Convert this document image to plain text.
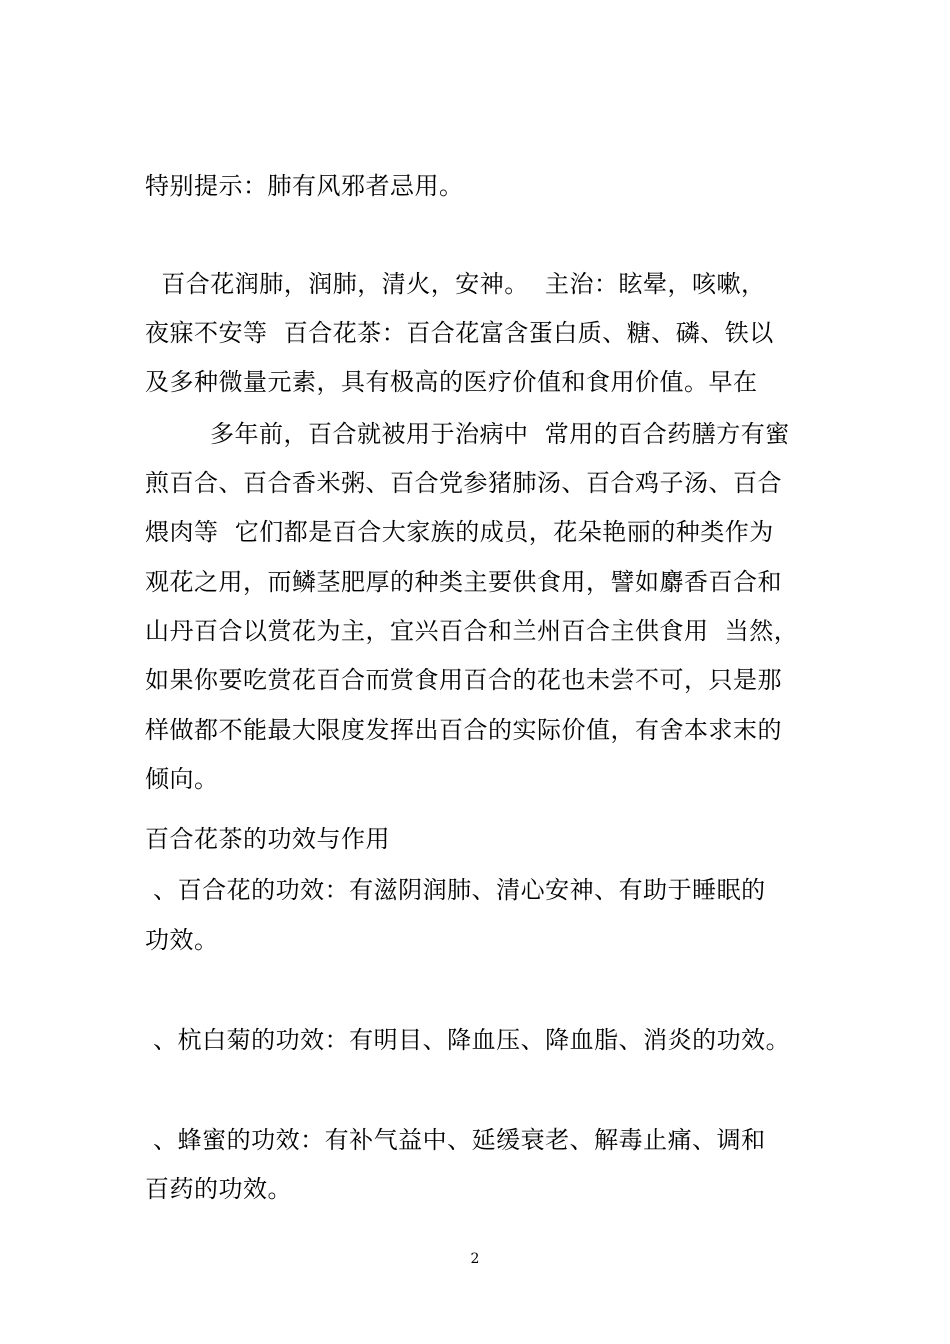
特别提示：肺有风邪者忌用。
百合花润肺，润肺，清火，安神。  主治：眩晕，咳嗽，
夜寐不安等  百合花茶：百合花富含蛋白质、糖、磷、铁以
及多种微量元素，具有极高的医疗价值和食用价值。早在
多年前，百合就被用于治病中  常用的百合药膳方有蜜
煎百合、百合香米粥、百合党参猪肺汤、百合鸡子汤、百合
煨肉等  它们都是百合大家族的成员，花朵艳丽的种类作为
观花之用，而鳞茎肥厚的种类主要供食用，譬如麝香百合和
山丹百合以赏花为主，宜兴百合和兰州百合主供食用  当然，
如果你要吃赏花百合而赏食用百合的花也未尝不可，只是那
样做都不能最大限度发挥出百合的实际价值，有舍本求末的
倾向。
百合花茶的功效与作用
、百合花的功效：有滋阴润肺、清心安神、有助于睡眠的
功效。
、杭白菊的功效：有明目、降血压、降血脂、消炎的功效。
、蜂蜜的功效：有补气益中、延缓衰老、解毒止痛、调和
百药的功效。
2
